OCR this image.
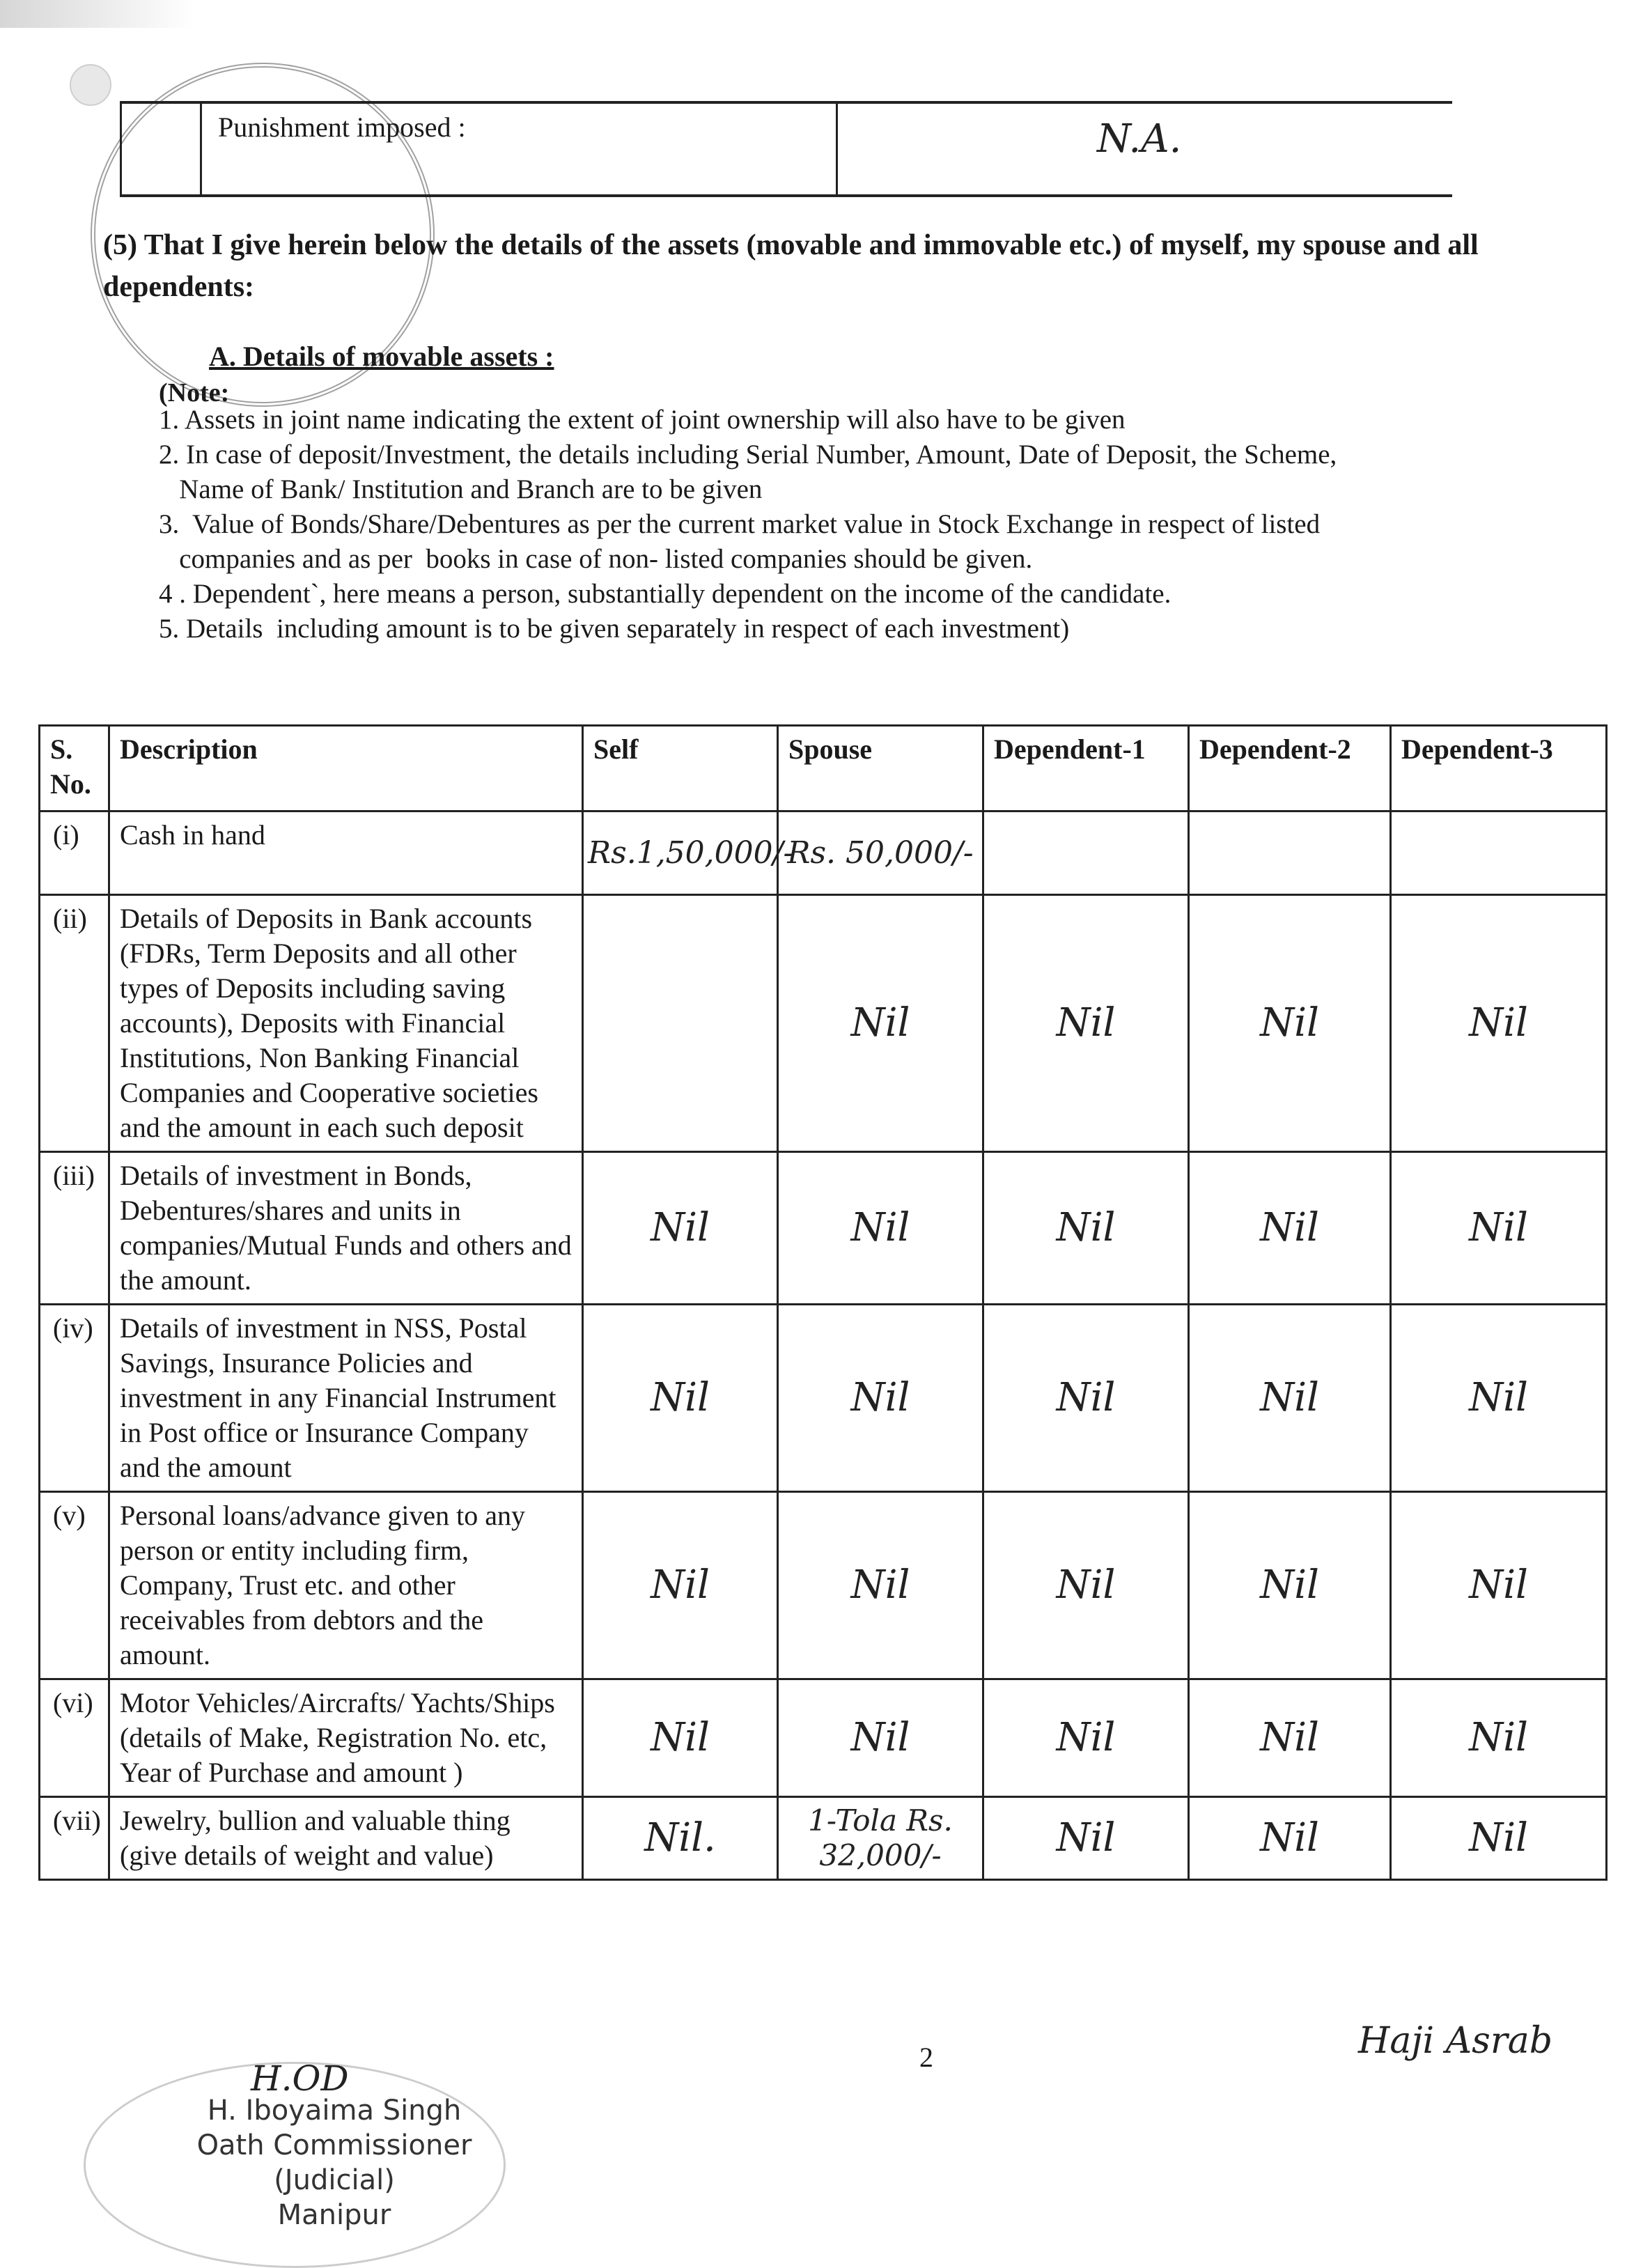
Punishment imposed :	N.A.
(5) That I give herein below the details of the assets (movable and immovable etc.) of myself, my spouse and all dependents:
A. Details of movable assets :
(Note:
1. Assets in joint name indicating the extent of joint ownership will also have to be given
2. In case of deposit/Investment, the details including Serial Number, Amount, Date of Deposit, the Scheme,
Name of Bank/ Institution and Branch are to be given
3.  Value of Bonds/Share/Debentures as per the current market value in Stock Exchange in respect of listed
companies and as per  books in case of non- listed companies should be given.
4 . Dependent`, here means a person, substantially dependent on the income of the candidate.
5. Details  including amount is to be given separately in respect of each investment)
S. No.	Description	Self	Spouse	Dependent-1	Dependent-2	Dependent-3
(i)	Cash in hand	Rs.1,50,000/-	Rs. 50,000/-			
(ii)	Details of Deposits in Bank accounts (FDRs, Term Deposits and all other types of Deposits including saving accounts), Deposits with Financial Institutions, Non Banking Financial Companies and Cooperative societies and the amount in each such deposit		Nil	Nil	Nil	Nil
(iii)	Details of investment in Bonds, Debentures/shares and units in companies/Mutual Funds and others and the amount.	Nil	Nil	Nil	Nil	Nil
(iv)	Details of investment in NSS, Postal Savings, Insurance Policies and investment in any Financial Instrument in Post office or Insurance Company and the amount	Nil	Nil	Nil	Nil	Nil
(v)	Personal loans/advance given to any person or entity including firm, Company, Trust etc. and other receivables from debtors and the amount.	Nil	Nil	Nil	Nil	Nil
(vi)	Motor Vehicles/Aircrafts/ Yachts/Ships (details of Make, Registration No. etc, Year of Purchase and amount )	Nil	Nil	Nil	Nil	Nil
(vii)	Jewelry, bullion and valuable thing (give details of weight and value)	Nil.	1-Tola Rs. 32,000/-	Nil	Nil	Nil
2	Haji Asrab
H.OD
H. Iboyaima Singh
Oath Commissioner (Judicial)
Manipur
